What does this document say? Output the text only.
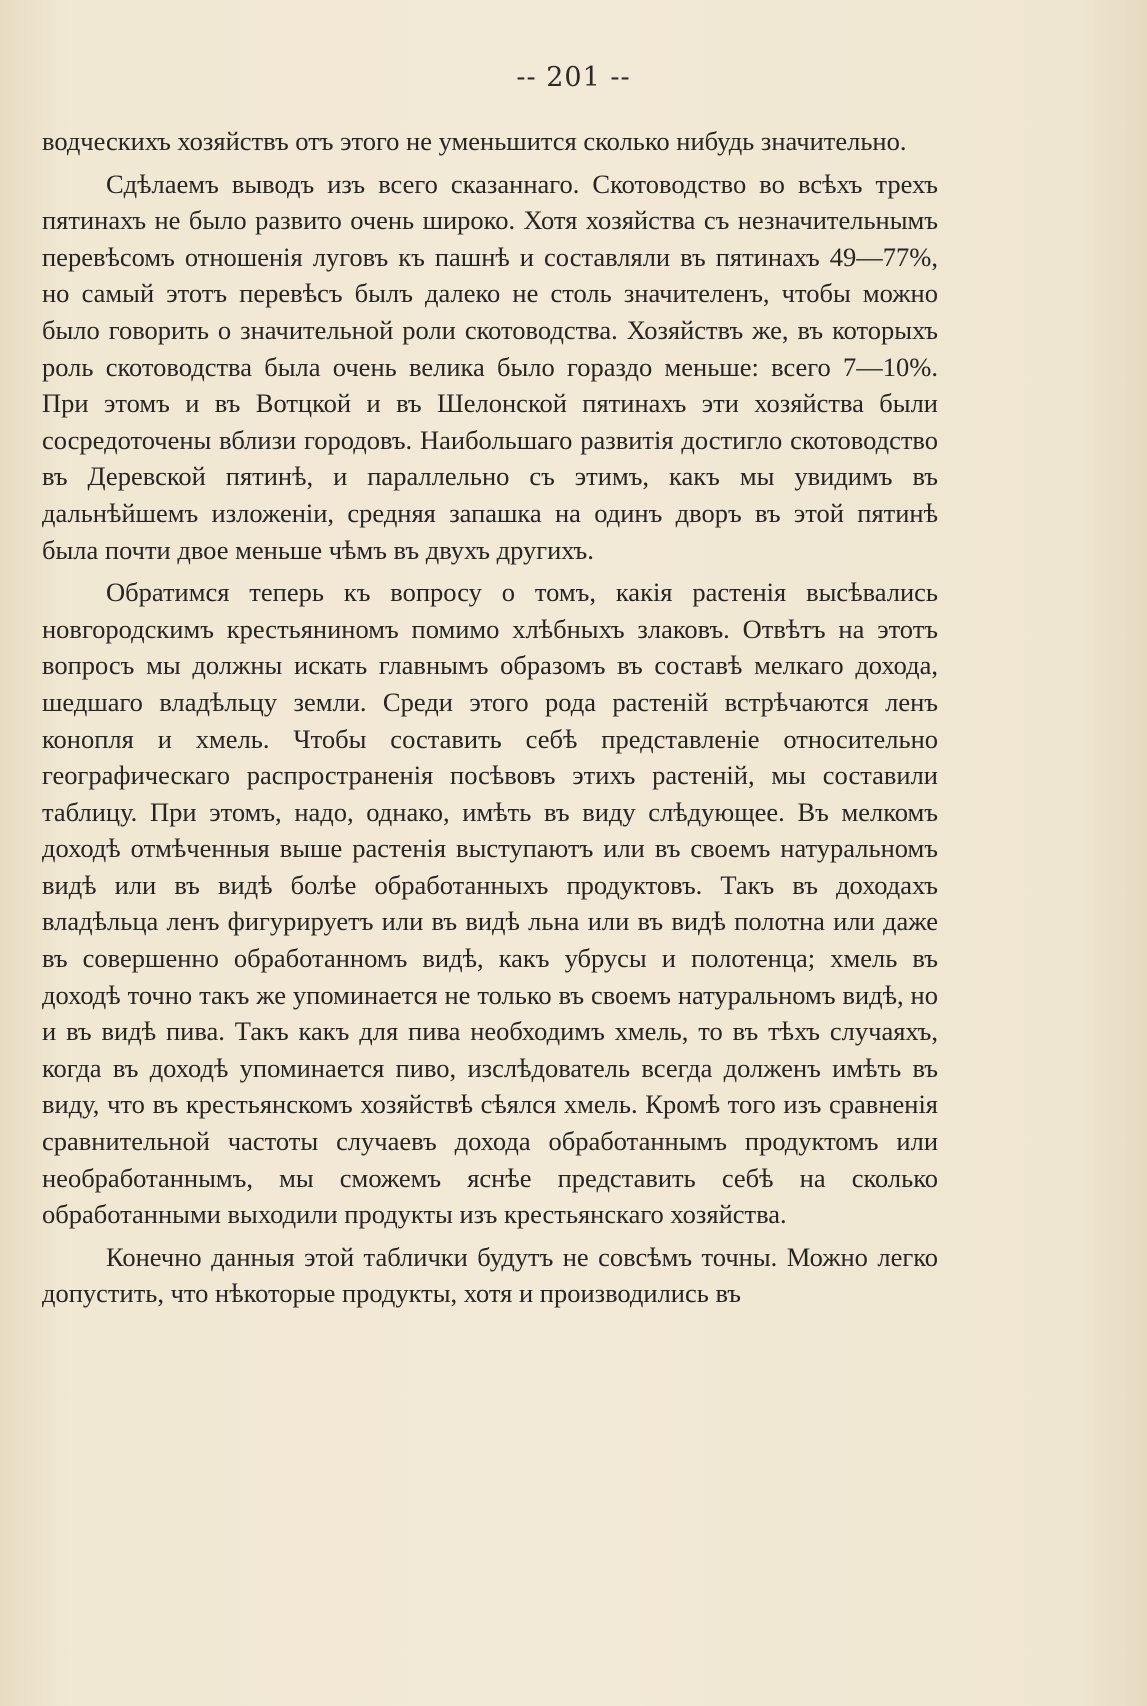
-- 201 --

водческихъ хозяйствъ отъ этого не уменьшится сколько нибудь значительно.

Сдѣлаемъ выводъ изъ всего сказаннаго. Скотоводство во всѣхъ трехъ пятинахъ не было развито очень широко. Хотя хозяйства съ незначительнымъ перевѣсомъ отношенія луговъ къ пашнѣ и составляли въ пятинахъ 49—77%, но самый этотъ перевѣсъ былъ далеко не столь значителенъ, чтобы можно было говорить о значительной роли скотоводства. Хозяйствъ же, въ которыхъ роль скотоводства была очень велика было гораздо меньше: всего 7—10%. При этомъ и въ Вотцкой и въ Шелонской пятинахъ эти хозяйства были сосредоточены вблизи городовъ. Наибольшаго развитія достигло скотоводство въ Деревской пятинѣ, и параллельно съ этимъ, какъ мы увидимъ въ дальнѣйшемъ изложеніи, средняя запашка на одинъ дворъ въ этой пятинѣ была почти двое меньше чѣмъ въ двухъ другихъ.

Обратимся теперь къ вопросу о томъ, какія растенія высѣвались новгородскимъ крестьяниномъ помимо хлѣбныхъ злаковъ. Отвѣтъ на этотъ вопросъ мы должны искать главнымъ образомъ въ составѣ мелкаго дохода, шедшаго владѣльцу земли. Среди этого рода растеній встрѣчаются ленъ конопля и хмель. Чтобы составить себѣ представленіе относительно географическаго распространенія посѣвовъ этихъ растеній, мы составили таблицу. При этомъ, надо, однако, имѣть въ виду слѣдующее. Въ мелкомъ доходѣ отмѣченныя выше растенія выступаютъ или въ своемъ натуральномъ видѣ или въ видѣ болѣе обработанныхъ продуктовъ. Такъ въ доходахъ владѣльца ленъ фигурируетъ или въ видѣ льна или въ видѣ полотна или даже въ совершенно обработанномъ видѣ, какъ убрусы и полотенца; хмель въ доходѣ точно такъ же упоминается не только въ своемъ натуральномъ видѣ, но и въ видѣ пива. Такъ какъ для пива необходимъ хмель, то въ тѣхъ случаяхъ, когда въ доходѣ упоминается пиво, изслѣдователь всегда долженъ имѣть въ виду, что въ крестьянскомъ хозяйствѣ сѣялся хмель. Кромѣ того изъ сравненія сравнительной частоты случаевъ дохода обработаннымъ продуктомъ или необработаннымъ, мы сможемъ яснѣе представить себѣ на сколько обработанными выходили продукты изъ крестьянскаго хозяйства.

Конечно данныя этой таблички будутъ не совсѣмъ точны. Можно легко допустить, что нѣкоторые продукты, хотя и производились въ
